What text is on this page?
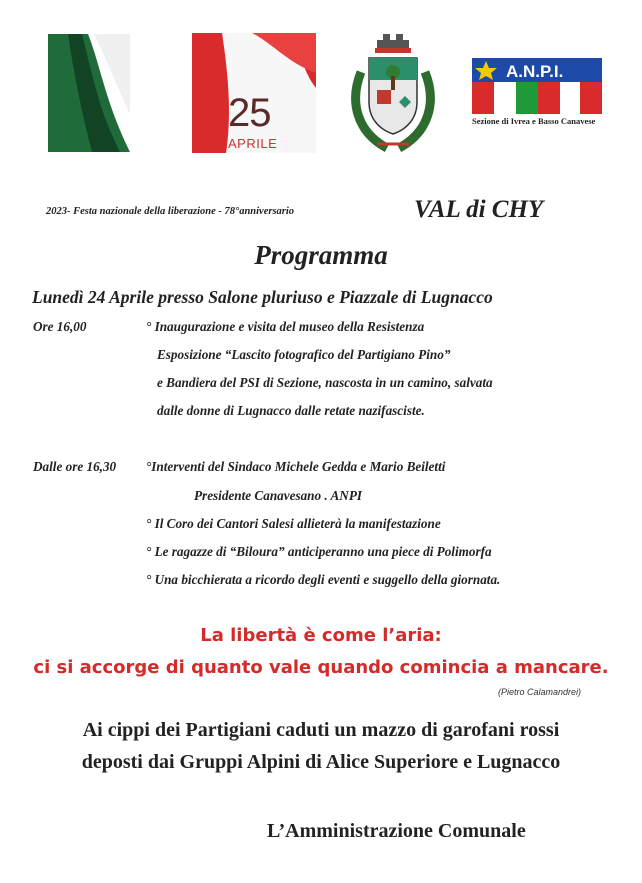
25
APRILE
A.N.P.I.
Sezione di Ivrea e Basso Canavese
2023- Festa nazionale della liberazione - 78°anniversario	VAL di CHY
Programma
Lunedì 24 Aprile presso Salone pluriuso e Piazzale di Lugnacco
Ore 16,00	° Inaugurazione e visita del museo della Resistenza
Esposizione “Lascito fotografico del Partigiano Pino”
e Bandiera del PSI di Sezione, nascosta in un camino, salvata
dalle donne di Lugnacco dalle retate nazifasciste.
Dalle ore 16,30 °Interventi del Sindaco Michele Gedda e Mario Beiletti
Presidente Canavesano . ANPI
° Il Coro dei Cantori Salesi allieterà la manifestazione
° Le ragazze di “Biloura” anticiperanno una piece di Polimorfa
° Una bicchierata a ricordo degli eventi e suggello della giornata.
La libertà è come l’aria:
ci si accorge di quanto vale quando comincia a mancare.
(Pietro Calamandrei)
Ai cippi dei Partigiani caduti un mazzo di garofani rossi
deposti dai Gruppi Alpini di Alice Superiore e Lugnacco
L’Amministrazione Comunale
